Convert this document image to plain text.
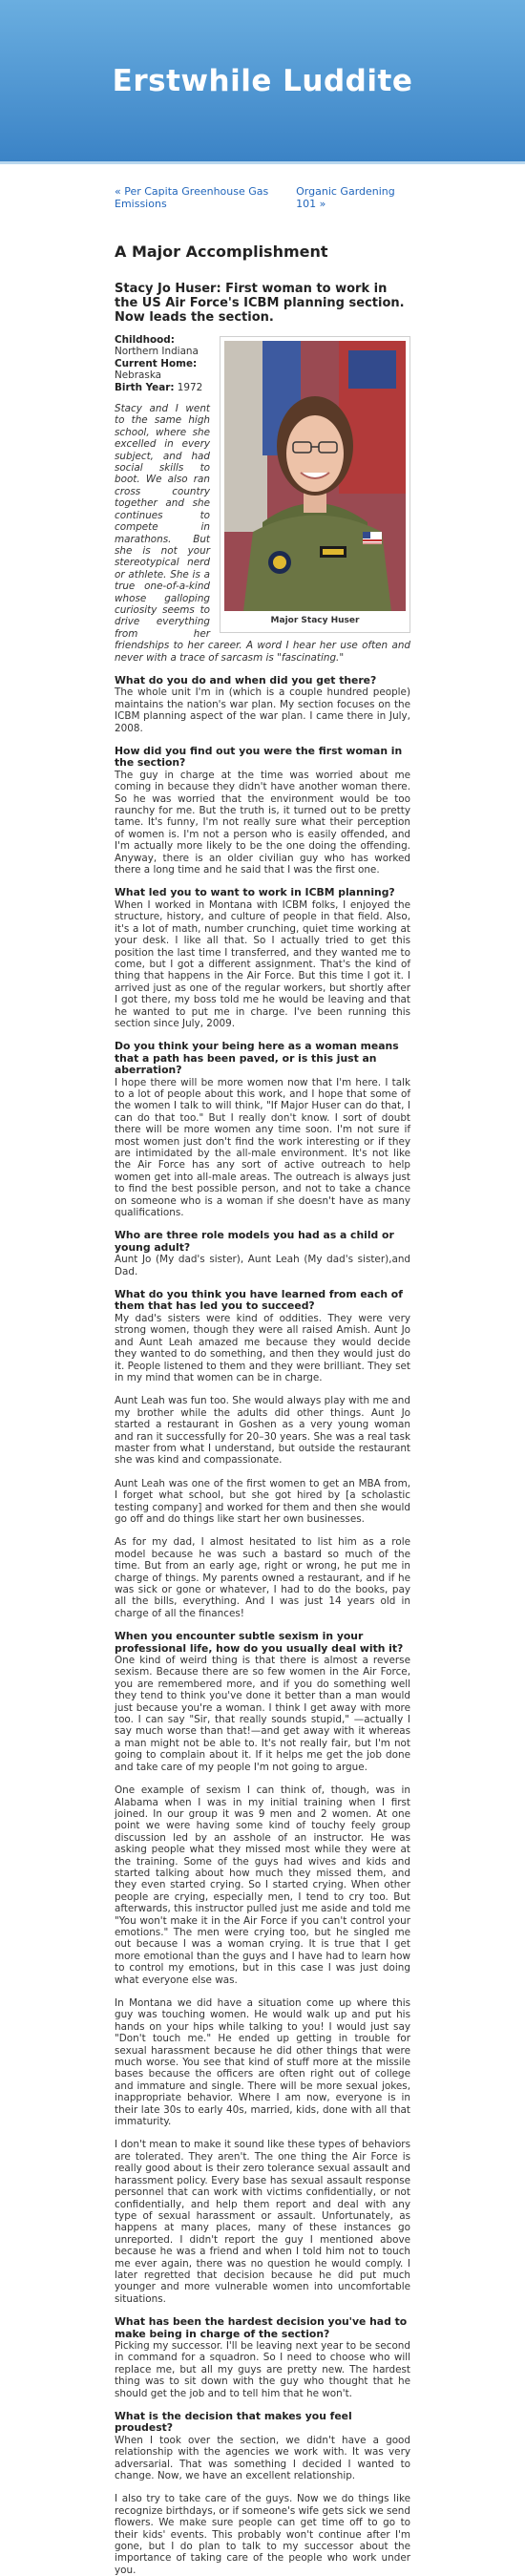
Erstwhile Luddite
« Per Capita Greenhouse Gas Emissions
Organic Gardening 101 »
A Major Accomplishment
Stacy Jo Huser: First woman to work in the US Air Force's ICBM planning section. Now leads the section.
Major Stacy Huser

Childhood: Northern Indiana

Current Home: Nebraska

Birth Year: 1972

Stacy and I went to the same high school, where she excelled in every subject, and had social skills to boot. We also ran cross country together and she continues to compete in marathons. But she is not your stereotypical nerd or athlete. She is a true one-of-a-kind whose galloping curiosity seems to drive everything from her friendships to her career. A word I hear her use often and never with a trace of sarcasm is "fascinating."

What do you do and when did you get there?

The whole unit I'm in (which is a couple hundred people) maintains the nation's war plan. My section focuses on the ICBM planning aspect of the war plan. I came there in July, 2008.

How did you find out you were the first woman in the section?

The guy in charge at the time was worried about me coming in because they didn't have another woman there. So he was worried that the environment would be too raunchy for me. But the truth is, it turned out to be pretty tame. It's funny, I'm not really sure what their perception of women is. I'm not a person who is easily offended, and I'm actually more likely to be the one doing the offending. Anyway, there is an older civilian guy who has worked there a long time and he said that I was the first one.

What led you to want to work in ICBM planning?

When I worked in Montana with ICBM folks, I enjoyed the structure, history, and culture of people in that field. Also, it's a lot of math, number crunching, quiet time working at your desk. I like all that. So I actually tried to get this position the last time I transferred, and they wanted me to come, but I got a different assignment. That's the kind of thing that happens in the Air Force. But this time I got it. I arrived just as one of the regular workers, but shortly after I got there, my boss told me he would be leaving and that he wanted to put me in charge. I've been running this section since July, 2009.

Do you think your being here as a woman means that a path has been paved, or is this just an aberration?

I hope there will be more women now that I'm here. I talk to a lot of people about this work, and I hope that some of the women I talk to will think, "If Major Huser can do that, I can do that too." But I really don't know. I sort of doubt there will be more women any time soon. I'm not sure if most women just don't find the work interesting or if they are intimidated by the all-male environment. It's not like the Air Force has any sort of active outreach to help women get into all-male areas. The outreach is always just to find the best possible person, and not to take a chance on someone who is a woman if she doesn't have as many qualifications.

Who are three role models you had as a child or young adult?

Aunt Jo (My dad's sister), Aunt Leah (My dad's sister),and Dad.

What do you think you have learned from each of them that has led you to succeed?

My dad's sisters were kind of oddities. They were very strong women, though they were all raised Amish. Aunt Jo and Aunt Leah amazed me because they would decide they wanted to do something, and then they would just do it. People listened to them and they were brilliant. They set in my mind that women can be in charge.

Aunt Leah was fun too. She would always play with me and my brother while the adults did other things. Aunt Jo started a restaurant in Goshen as a very young woman and ran it successfully for 20–30 years. She was a real task master from what I understand, but outside the restaurant she was kind and compassionate.

Aunt Leah was one of the first women to get an MBA from, I forget what school, but she got hired by [a scholastic testing company] and worked for them and then she would go off and do things like start her own businesses.

As for my dad, I almost hesitated to list him as a role model because he was such a bastard so much of the time. But from an early age, right or wrong, he put me in charge of things. My parents owned a restaurant, and if he was sick or gone or whatever, I had to do the books, pay all the bills, everything. And I was just 14 years old in charge of all the finances!

When you encounter subtle sexism in your professional life, how do you usually deal with it?

One kind of weird thing is that there is almost a reverse sexism. Because there are so few women in the Air Force, you are remembered more, and if you do something well they tend to think you've done it better than a man would just because you're a woman. I think I get away with more too. I can say "Sir, that really sounds stupid," —actually I say much worse than that!—and get away with it whereas a man might not be able to. It's not really fair, but I'm not going to complain about it. If it helps me get the job done and take care of my people I'm not going to argue.

One example of sexism I can think of, though, was in Alabama when I was in my initial training when I first joined. In our group it was 9 men and 2 women. At one point we were having some kind of touchy feely group discussion led by an asshole of an instructor. He was asking people what they missed most while they were at the training. Some of the guys had wives and kids and started talking about how much they missed them, and they even started crying. So I started crying. When other people are crying, especially men, I tend to cry too. But afterwards, this instructor pulled just me aside and told me "You won't make it in the Air Force if you can't control your emotions." The men were crying too, but he singled me out because I was a woman crying. It is true that I get more emotional than the guys and I have had to learn how to control my emotions, but in this case I was just doing what everyone else was.

In Montana we did have a situation come up where this guy was touching women. He would walk up and put his hands on your hips while talking to you! I would just say "Don't touch me." He ended up getting in trouble for sexual harassment because he did other things that were much worse. You see that kind of stuff more at the missile bases because the officers are often right out of college and immature and single. There will be more sexual jokes, inappropriate behavior. Where I am now, everyone is in their late 30s to early 40s, married, kids, done with all that immaturity.

I don't mean to make it sound like these types of behaviors are tolerated. They aren't. The one thing the Air Force is really good about is their zero tolerance sexual assault and harassment policy. Every base has sexual assault response personnel that can work with victims confidentially, or not confidentially, and help them report and deal with any type of sexual harassment or assault. Unfortunately, as happens at many places, many of these instances go unreported. I didn't report the guy I mentioned above because he was a friend and when I told him not to touch me ever again, there was no question he would comply. I later regretted that decision because he did put much younger and more vulnerable women into uncomfortable situations.

What has been the hardest decision you've had to make being in charge of the section?

Picking my successor. I'll be leaving next year to be second in command for a squadron. So I need to choose who will replace me, but all my guys are pretty new. The hardest thing was to sit down with the guy who thought that he should get the job and to tell him that he won't.

What is the decision that makes you feel proudest?

When I took over the section, we didn't have a good relationship with the agencies we work with. It was very adversarial. That was something I decided I wanted to change. Now, we have an excellent relationship.

I also try to take care of the guys. Now we do things like recognize birthdays, or if someone's wife gets sick we send flowers. We make sure people can get time off to go to their kids' events. This probably won't continue after I'm gone, but I do plan to talk to my successor about the importance of taking care of the people who work under you.
